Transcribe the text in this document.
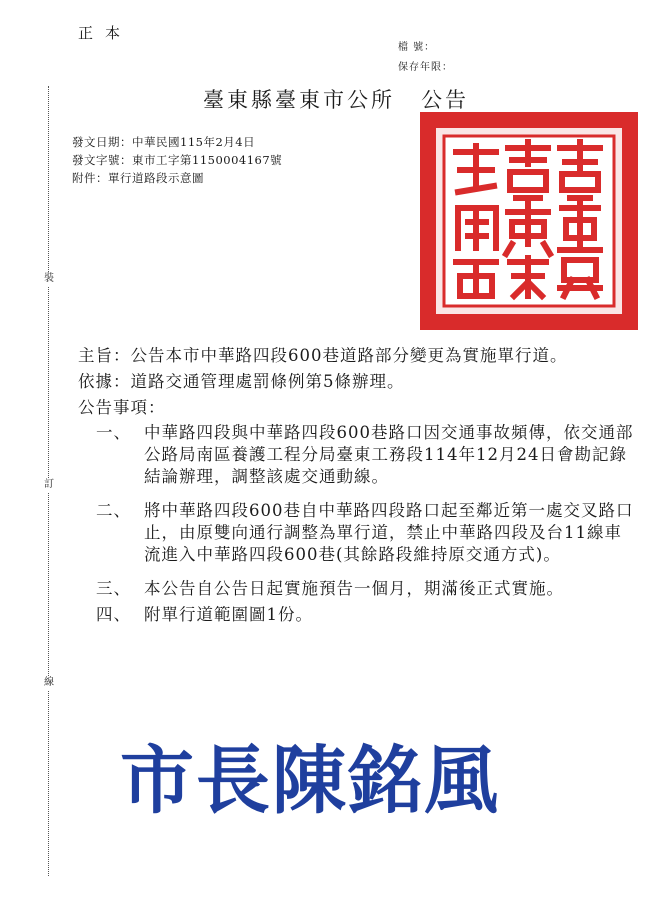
正本
檔 號：
保存年限：
臺東縣臺東市公所 公告
發文日期：中華民國115年2月4日
發文字號：東市工字第1150004167號
附件：單行道路段示意圖
裝
訂
線
主旨：公告本市中華路四段600巷道路部分變更為實施單行道。
依據：道路交通管理處罰條例第5條辦理。
公告事項：
一、 中華路四段與中華路四段600巷路口因交通事故頻傳，依交通部公路局南區養護工程分局臺東工務段114年12月24日會勘記錄結論辦理，調整該處交通動線。
二、 將中華路四段600巷自中華路四段路口起至鄰近第一處交叉路口止，由原雙向通行調整為單行道，禁止中華路四段及台11線車流進入中華路四段600巷(其餘路段維持原交通方式)。
三、 本公告自公告日起實施預告一個月，期滿後正式實施。
四、 附單行道範圍圖1份。
市長陳銘風
